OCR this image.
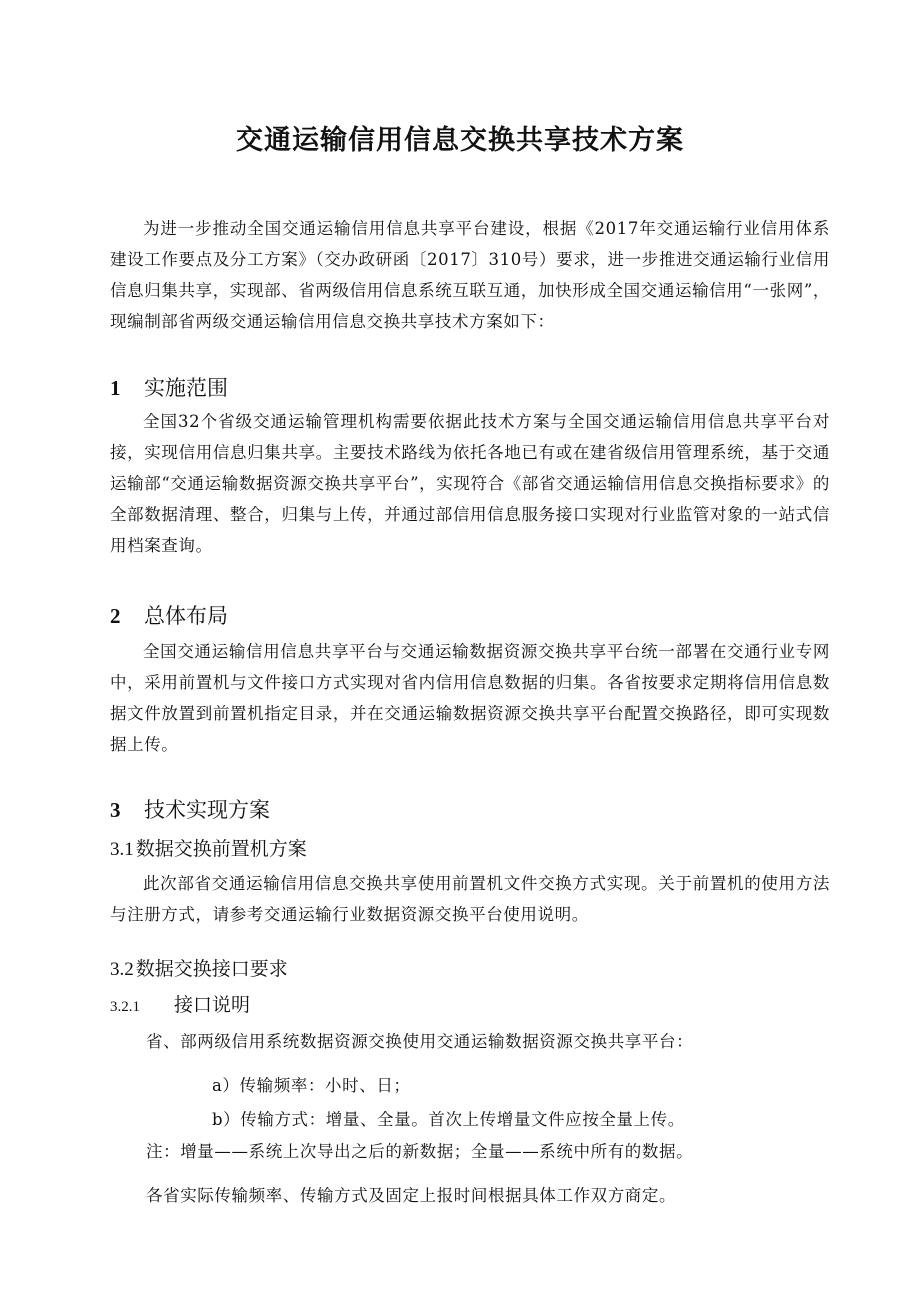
交通运输信用信息交换共享技术方案
为进一步推动全国交通运输信用信息共享平台建设，根据《2017年交通运输行业信用体系建设工作要点及分工方案》（交办政研函〔2017〕310号）要求，进一步推进交通运输行业信用信息归集共享，实现部、省两级信用信息系统互联互通，加快形成全国交通运输信用“一张网”，现编制部省两级交通运输信用信息交换共享技术方案如下：
1 实施范围
全国32个省级交通运输管理机构需要依据此技术方案与全国交通运输信用信息共享平台对接，实现信用信息归集共享。主要技术路线为依托各地已有或在建省级信用管理系统，基于交通运输部“交通运输数据资源交换共享平台”，实现符合《部省交通运输信用信息交换指标要求》的全部数据清理、整合，归集与上传，并通过部信用信息服务接口实现对行业监管对象的一站式信用档案查询。
2 总体布局
全国交通运输信用信息共享平台与交通运输数据资源交换共享平台统一部署在交通行业专网中，采用前置机与文件接口方式实现对省内信用信息数据的归集。各省按要求定期将信用信息数据文件放置到前置机指定目录，并在交通运输数据资源交换共享平台配置交换路径，即可实现数据上传。
3 技术实现方案
3.1 数据交换前置机方案
此次部省交通运输信用信息交换共享使用前置机文件交换方式实现。关于前置机的使用方法与注册方式，请参考交通运输行业数据资源交换平台使用说明。
3.2 数据交换接口要求
3.2.1 接口说明
省、部两级信用系统数据资源交换使用交通运输数据资源交换共享平台：
a）传输频率：小时、日；
b）传输方式：增量、全量。首次上传增量文件应按全量上传。
注：增量——系统上次导出之后的新数据；全量——系统中所有的数据。
各省实际传输频率、传输方式及固定上报时间根据具体工作双方商定。
